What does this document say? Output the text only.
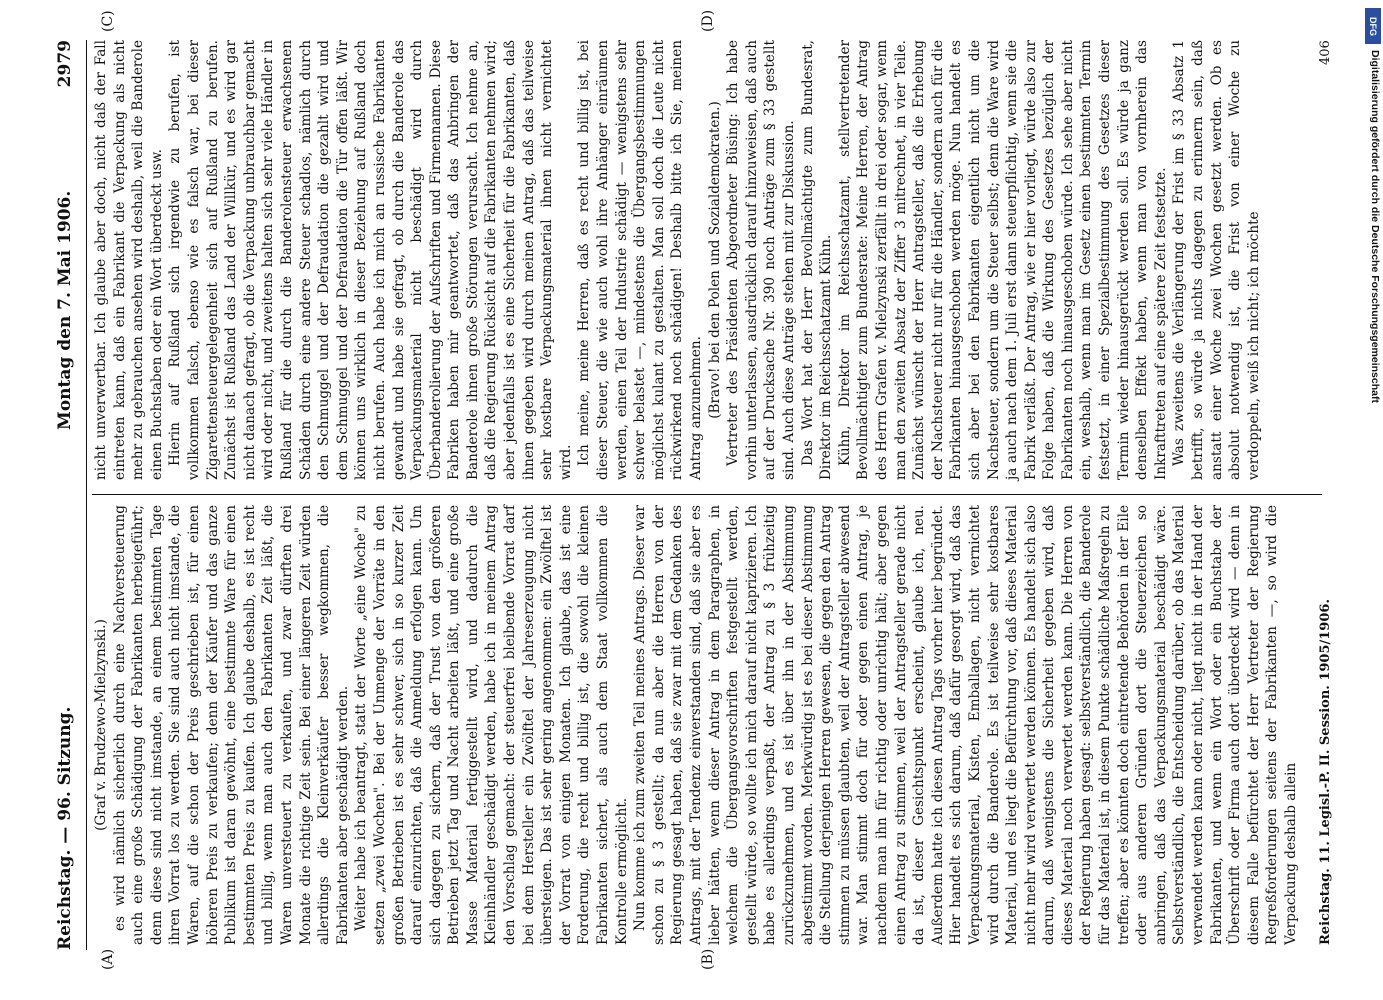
Reichstag. — 96. Sitzung.
Montag den 7. Mai 1906.
2979
(A)	(B)
(C)	(D)

(Graf v. Brudzewo-Mielzynski.) es wird nämlich sicherlich durch eine Nachversteuerung auch eine große Schädigung der Fabrikanten herbeigeführt; denn diese sind nicht imstande, an einem bestimmten Tage ihren Vorrat los zu werden. Sie sind auch nicht imstande, die Waren, auf die schon der Preis geschrieben ist, für einen höheren Preis zu verkaufen; denn der Käufer und das ganze Publikum ist daran gewöhnt, eine bestimmte Ware für einen bestimmten Preis zu kaufen. Ich glaube deshalb, es ist recht und billig, wenn man auch den Fabrikanten Zeit läßt, die Waren unversteuert zu verkaufen, und zwar dürften drei Monate die richtige Zeit sein. Bei einer längeren Zeit würden allerdings die Kleinverkäufer besser wegkommen, die Fabrikanten aber geschädigt werden. Weiter habe ich beantragt, statt der Worte „eine Woche" zu setzen „zwei Wochen". Bei der Unmenge der Vorräte in den großen Betrieben ist es sehr schwer, sich in so kurzer Zeit darauf einzurichten, daß die Anmeldung erfolgen kann. Um sich dagegen zu sichern, daß der Trust von den größeren Betrieben jetzt Tag und Nacht arbeiten läßt, und eine große Masse Material fertiggestellt wird, und dadurch die Kleinhändler geschädigt werden, habe ich in meinem Antrag den Vorschlag gemacht: der steuerfrei bleibende Vorrat darf bei dem Hersteller ein Zwölftel der Jahreserzeugung nicht übersteigen. Das ist sehr gering angenommen: ein Zwölftel ist der Vorrat von einigen Monaten. Ich glaube, das ist eine Forderung, die recht und billig ist, die sowohl die kleinen Fabrikanten sichert, als auch dem Staat vollkommen die Kontrolle ermöglicht. Nun komme ich zum zweiten Teil meines Antrags. Dieser war schon zu § 3 gestellt; da nun aber die Herren von der Regierung gesagt haben, daß sie zwar mit dem Gedanken des Antrags, mit der Tendenz einverstanden sind, daß sie aber es lieber hätten, wenn dieser Antrag in dem Paragraphen, in welchem die Übergangsvorschriften festgestellt werden, gestellt würde, so wollte ich mich darauf nicht kaprizieren. Ich habe es allerdings verpaßt, der Antrag zu § 3 frühzeitig zurückzunehmen, und es ist über ihn in der Abstimmung abgestimmt worden. Merkwürdig ist es bei dieser Abstimmung die Stellung derjenigen Herren gewesen, die gegen den Antrag stimmen zu müssen glaubten, weil der Antragsteller abwesend war. Man stimmt doch für oder gegen einen Antrag, je nachdem man ihn für richtig oder unrichtig hält; aber gegen einen Antrag zu stimmen, weil der Antragsteller gerade nicht da ist, dieser Gesichtspunkt erscheint, glaube ich, neu. Außerdem hatte ich diesen Antrag Tags vorher hier begründet. Hier handelt es sich darum, daß dafür gesorgt wird, daß das Verpackungsmaterial, Kisten, Emballagen, nicht vernichtet wird durch die Banderole. Es ist teilweise sehr kostbares Material, und es liegt die Befürchtung vor, daß dieses Material nicht mehr wird verwertet werden können. Es handelt sich also darum, daß wenigstens die Sicherheit gegeben wird, daß dieses Material noch verwertet werden kann. Die Herren von der Regierung haben gesagt: selbstverständlich, die Banderole für das Material ist, in diesem Punkte schädliche Maßregeln zu treffen; aber es könnten doch eintretende Behörden in der Eile oder aus anderen Gründen dort die Steuerzeichen so anbringen, daß das Verpackungsmaterial beschädigt wäre. Selbstverständlich, die Entscheidung darüber, ob das Material verwendet werden kann oder nicht, liegt nicht in der Hand der Fabrikanten, und wenn ein Wort oder ein Buchstabe der Überschrift oder Firma auch dort überdeckt wird — denn in diesem Falle befürchtet der Herr Vertreter der Regierung Regreßforderungen seitens der Fabrikanten —, so wird die Verpackung deshalb allein

nicht unverwertbar. Ich glaube aber doch, nicht daß der Fall eintreten kann, daß ein Fabrikant die Verpackung als nicht mehr zu gebrauchen ansehen wird deshalb, weil die Banderole einen Buchstaben oder ein Wort überdeckt usw. Hierin auf Rußland sich irgendwie zu berufen, ist vollkommen falsch, ebenso wie es falsch war, bei dieser Zigarettensteuergelegenheit sich auf Rußland zu berufen. Zunächst ist Rußland das Land der Willkür, und es wird gar nicht danach gefragt, ob die Verpackung unbrauchbar gemacht wird oder nicht, und zweitens halten sich sehr viele Händler in Rußland für die durch die Banderolensteuer erwachsenen Schäden durch eine andere Steuer schadlos, nämlich durch den Schmuggel und der Defraudation die gezahlt wird und dem Schmuggel und der Defraudation die Tür offen läßt. Wir können uns wirklich in dieser Beziehung auf Rußland doch nicht berufen. Auch habe ich mich an russische Fabrikanten gewandt und habe sie gefragt, ob durch die Banderole das Verpackungsmaterial nicht beschädigt wird durch Überbanderolierung der Aufschriften und Firmennamen. Diese Fabriken haben mir geantwortet, daß das Anbringen der Banderole ihnen große Störungen verursacht. Ich nehme an, daß die Regierung Rücksicht auf die Fabrikanten nehmen wird; aber jedenfalls ist es eine Sicherheit für die Fabrikanten, daß ihnen gegeben wird durch meinen Antrag, daß das teilweise sehr kostbare Verpackungsmaterial ihnen nicht vernichtet wird. Ich meine, meine Herren, daß es recht und billig ist, bei dieser Steuer, die wie auch wohl ihre Anhänger einräumen werden, einen Teil der Industrie schädigt — wenigstens sehr schwer belastet —, mindestens die Übergangsbestimmungen möglichst kulant zu gestalten. Man soll doch die Leute nicht rückwirkend noch schädigen! Deshalb bitte ich Sie, meinen Antrag anzunehmen. (Bravo! bei den Polen und Sozialdemokraten.) Vertreter des Präsidenten Abgeordneter Büsing: Ich habe vorhin unterlassen, ausdrücklich darauf hinzuweisen, daß auch auf der Drucksache Nr. 390 noch Anträge zum § 33 gestellt sind. Auch diese Anträge stehen mit zur Diskussion. Das Wort hat der Herr Bevollmächtigte zum Bundesrat, Direktor im Reichsschatzamt Kühn. Kühn, Direktor im Reichsschatzamt, stellvertretender Bevollmächtigter zum Bundesrate: Meine Herren, der Antrag des Herrn Grafen v. Mielzynski zerfällt in drei oder sogar, wenn man den zweiten Absatz der Ziffer 3 mitrechnet, in vier Teile. Zunächst wünscht der Herr Antragsteller, daß die Erhebung der Nachsteuer nicht nur für die Händler, sondern auch für die Fabrikanten hinausgeschoben werden möge. Nun handelt es sich aber bei den Fabrikanten eigentlich nicht um die Nachsteuer, sondern um die Steuer selbst; denn die Ware wird ja auch nach dem 1. Juli erst dann steuerpflichtig, wenn sie die Fabrik verläßt. Der Antrag, wie er hier vorliegt, würde also zur Folge haben, daß die Wirkung des Gesetzes bezüglich der Fabrikanten noch hinausgeschoben würde. Ich sehe aber nicht ein, weshalb, wenn man im Gesetz einen bestimmten Termin festsetzt, in einer Spezialbestimmung des Gesetzes dieser Termin wieder hinausgerückt werden soll. Es würde ja ganz denselben Effekt haben, wenn man von vornherein das Inkrafttreten auf eine spätere Zeit festsetzte. Was zweitens die Verlängerung der Frist im § 33 Absatz 1 betrifft, so würde ja nichts dagegen zu erinnern sein, daß anstatt einer Woche zwei Wochen gesetzt werden. Ob es absolut notwendig ist, die Frist von einer Woche zu verdoppeln, weiß ich nicht; ich möchte

Reichstag. 11. Legisl.-P. II. Session. 1905/1906.
406
DFG
Digitalisierung gefördert durch die Deutsche Forschungsgemeinschaft
